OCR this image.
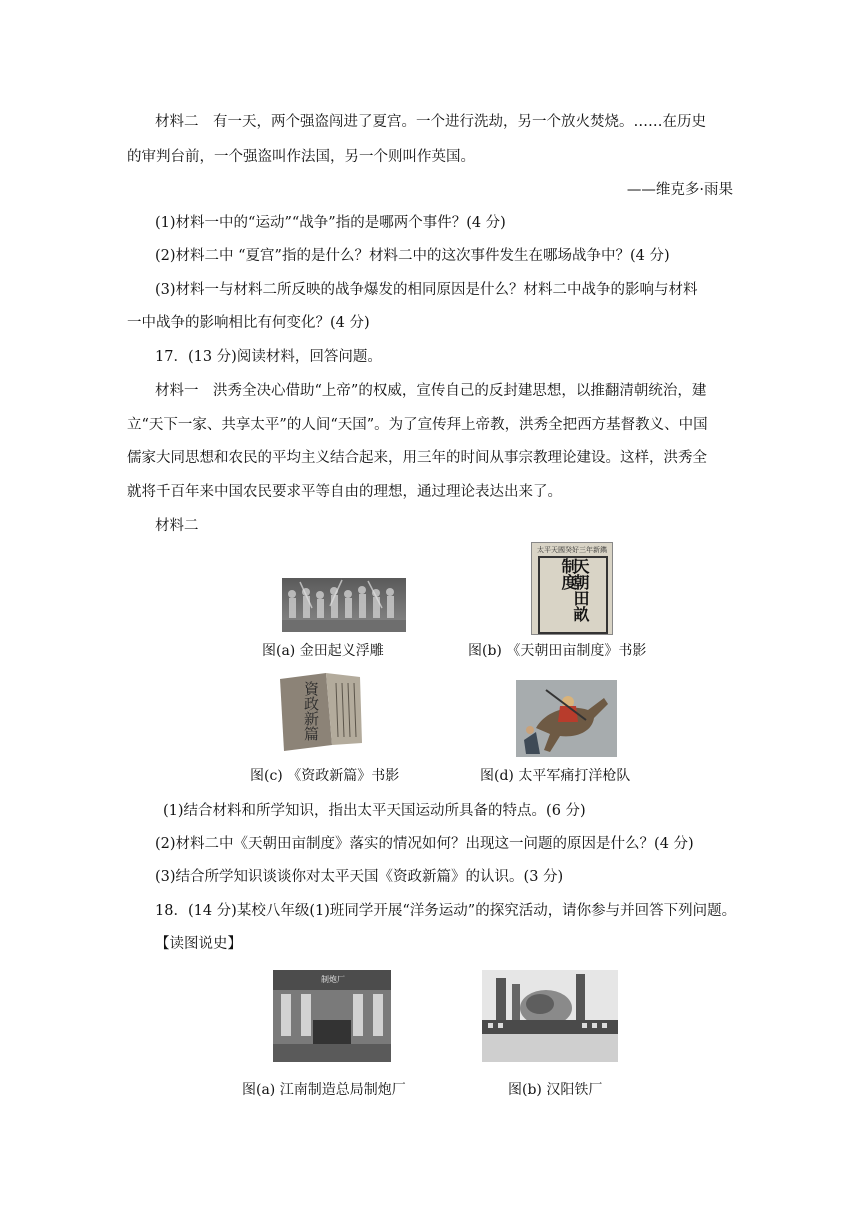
材料二　有一天，两个强盗闯进了夏宫。一个进行洗劫，另一个放火焚烧。……在历史
的审判台前，一个强盗叫作法国，另一个则叫作英国。
——维克多·雨果
(1)材料一中的“运动”“战争”指的是哪两个事件？(4 分)
(2)材料二中 “夏宫”指的是什么？材料二中的这次事件发生在哪场战争中？(4 分)
(3)材料一与材料二所反映的战争爆发的相同原因是什么？材料二中战争的影响与材料
一中战争的影响相比有何变化？(4 分)
17．(13 分)阅读材料，回答问题。
材料一　洪秀全决心借助“上帝”的权威，宣传自己的反封建思想，以推翻清朝统治，建
立“天下一家、共享太平”的人间“天国”。为了宣传拜上帝教，洪秀全把西方基督教义、中国
儒家大同思想和农民的平均主义结合起来，用三年的时间从事宗教理论建设。这样，洪秀全
就将千百年来中国农民要求平等自由的理想，通过理论表达出来了。
材料二
图(a) 金田起义浮雕
太平天國癸好三年新鐫
天朝田畝制度
图(b) 《天朝田亩制度》书影
資政新篇
图(c) 《资政新篇》书影	图(d) 太平军痛打洋枪队
(1)结合材料和所学知识，指出太平天国运动所具备的特点。(6 分)
(2)材料二中《天朝田亩制度》落实的情况如何？出现这一问题的原因是什么？(4 分)
(3)结合所学知识谈谈你对太平天国《资政新篇》的认识。(3 分)
18．(14 分)某校八年级(1)班同学开展“洋务运动”的探究活动，请你参与并回答下列问题。
【读图说史】
制炮厂
图(a) 江南制造总局制炮厂	图(b) 汉阳铁厂
